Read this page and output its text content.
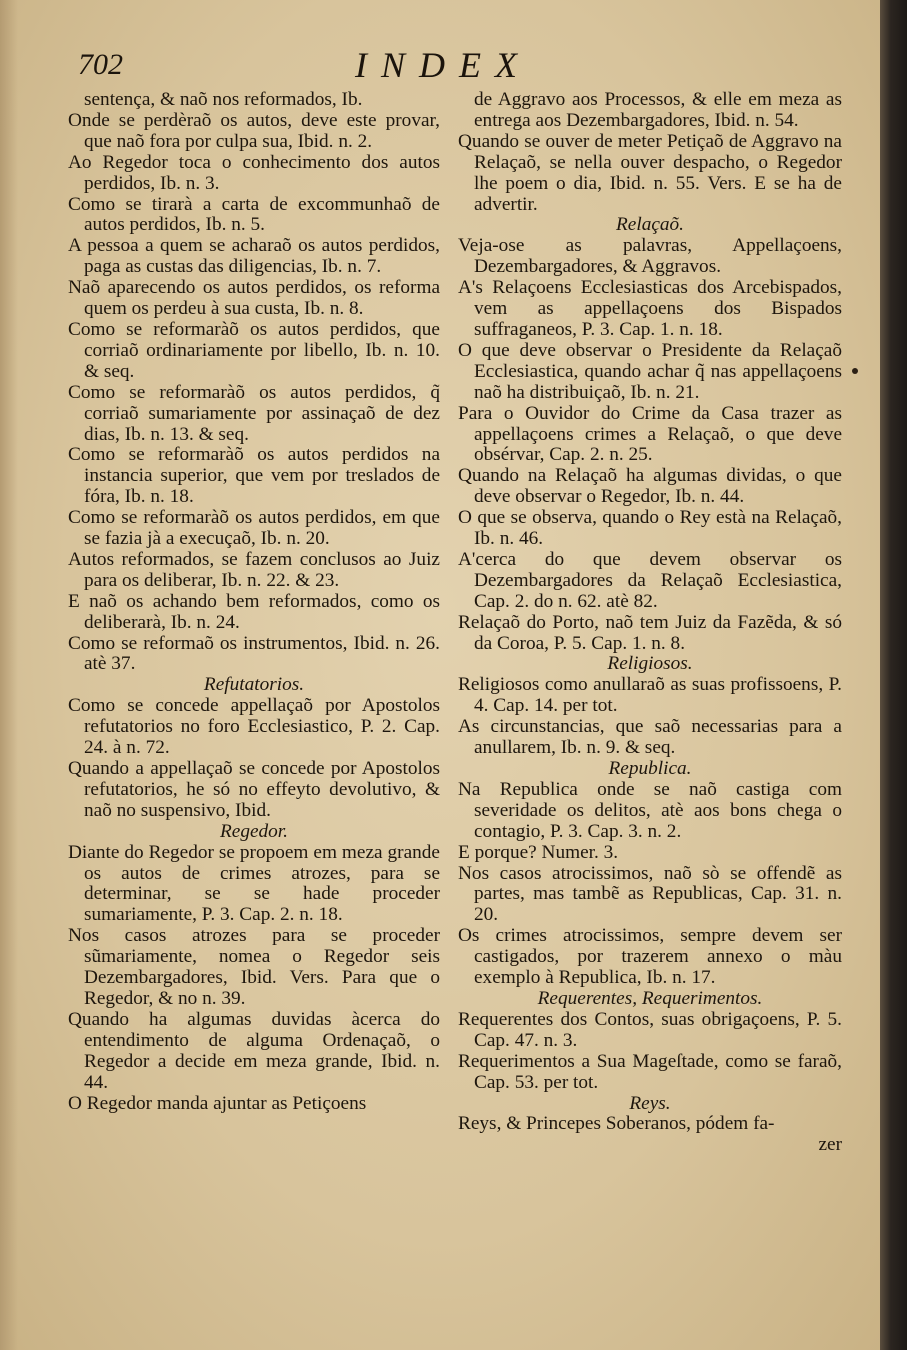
702	INDEX
sentença, & naõ nos reformados, Ib.
Onde se perdèraõ os autos, deve este provar, que naõ fora por culpa sua, Ibid. n. 2.
Ao Regedor toca o conhecimento dos autos perdidos, Ib. n. 3.
Como se tirarà a carta de excommunhaõ de autos perdidos, Ib. n. 5.
A pessoa a quem se acharaõ os autos perdidos, paga as custas das diligencias, Ib. n. 7.
Naõ aparecendo os autos perdidos, os reforma quem os perdeu à sua custa, Ib. n. 8.
Como se reformaràõ os autos perdidos, que corriaõ ordinariamente por libello, Ib. n. 10. & seq.
Como se reformaràõ os autos perdidos, q̃ corriaõ sumariamente por assinaçaõ de dez dias, Ib. n. 13. & seq.
Como se reformaràõ os autos perdidos na instancia superior, que vem por treslados de fóra, Ib. n. 18.
Como se reformaràõ os autos perdidos, em que se fazia jà a execuçaõ, Ib. n. 20.
Autos reformados, se fazem conclusos ao Juiz para os deliberar, Ib. n. 22. & 23.
E naõ os achando bem reformados, como os deliberarà, Ib. n. 24.
Como se reformaõ os instrumentos, Ibid. n. 26. atè 37.
Refutatorios.
Como se concede appellaçaõ por Apostolos refutatorios no foro Ecclesiastico, P. 2. Cap. 24. à n. 72.
Quando a appellaçaõ se concede por Apostolos refutatorios, he só no effeyto devolutivo, & naõ no suspensivo, Ibid.
Regedor.
Diante do Regedor se propoem em meza grande os autos de crimes atrozes, para se determinar, se se hade proceder sumariamente, P. 3. Cap. 2. n. 18.
Nos casos atrozes para se proceder sũmariamente, nomea o Regedor seis Dezembargadores, Ibid. Vers. Para que o Regedor, & no n. 39.
Quando ha algumas duvidas àcerca do entendimento de alguma Ordenaçaõ, o Regedor a decide em meza grande, Ibid. n. 44.
O Regedor manda ajuntar as Petiçoens
de Aggravo aos Processos, & elle em meza as entrega aos Dezembargadores, Ibid. n. 54.
Quando se ouver de meter Petiçaõ de Aggravo na Relaçaõ, se nella ouver despacho, o Regedor lhe poem o dia, Ibid. n. 55. Vers. E se ha de advertir.
Relaçaõ.
Veja-ose as palavras, Appellaçoens, Dezembargadores, & Aggravos.
A's Relaçoens Ecclesiasticas dos Arcebispados, vem as appellaçoens dos Bispados suffraganeos, P. 3. Cap. 1. n. 18.
O que deve observar o Presidente da Relaçaõ Ecclesiastica, quando achar q̃ nas appellaçoens naõ ha distribuiçaõ, Ib. n. 21.
Para o Ouvidor do Crime da Casa trazer as appellaçoens crimes a Relaçaõ, o que deve obsérvar, Cap. 2. n. 25.
Quando na Relaçaõ ha algumas dividas, o que deve observar o Regedor, Ib. n. 44.
O que se observa, quando o Rey està na Relaçaõ, Ib. n. 46.
A'cerca do que devem observar os Dezembargadores da Relaçaõ Ecclesiastica, Cap. 2. do n. 62. atè 82.
Relaçaõ do Porto, naõ tem Juiz da Fazẽda, & só da Coroa, P. 5. Cap. 1. n. 8.
Religiosos.
Religiosos como anullaraõ as suas profissoens, P. 4. Cap. 14. per tot.
As circunstancias, que saõ necessarias para a anullarem, Ib. n. 9. & seq.
Republica.
Na Republica onde se naõ castiga com severidade os delitos, atè aos bons chega o contagio, P. 3. Cap. 3. n. 2.
E porque? Numer. 3.
Nos casos atrocissimos, naõ sò se offendẽ as partes, mas tambẽ as Republicas, Cap. 31. n. 20.
Os crimes atrocissimos, sempre devem ser castigados, por trazerem annexo o màu exemplo à Republica, Ib. n. 17.
Requerentes, Requerimentos.
Requerentes dos Contos, suas obrigaçoens, P. 5. Cap. 47. n. 3.
Requerimentos a Sua Mageſtade, como se faraõ, Cap. 53. per tot.
Reys.
Reys, & Princepes Soberanos, pódem fa-
zer
